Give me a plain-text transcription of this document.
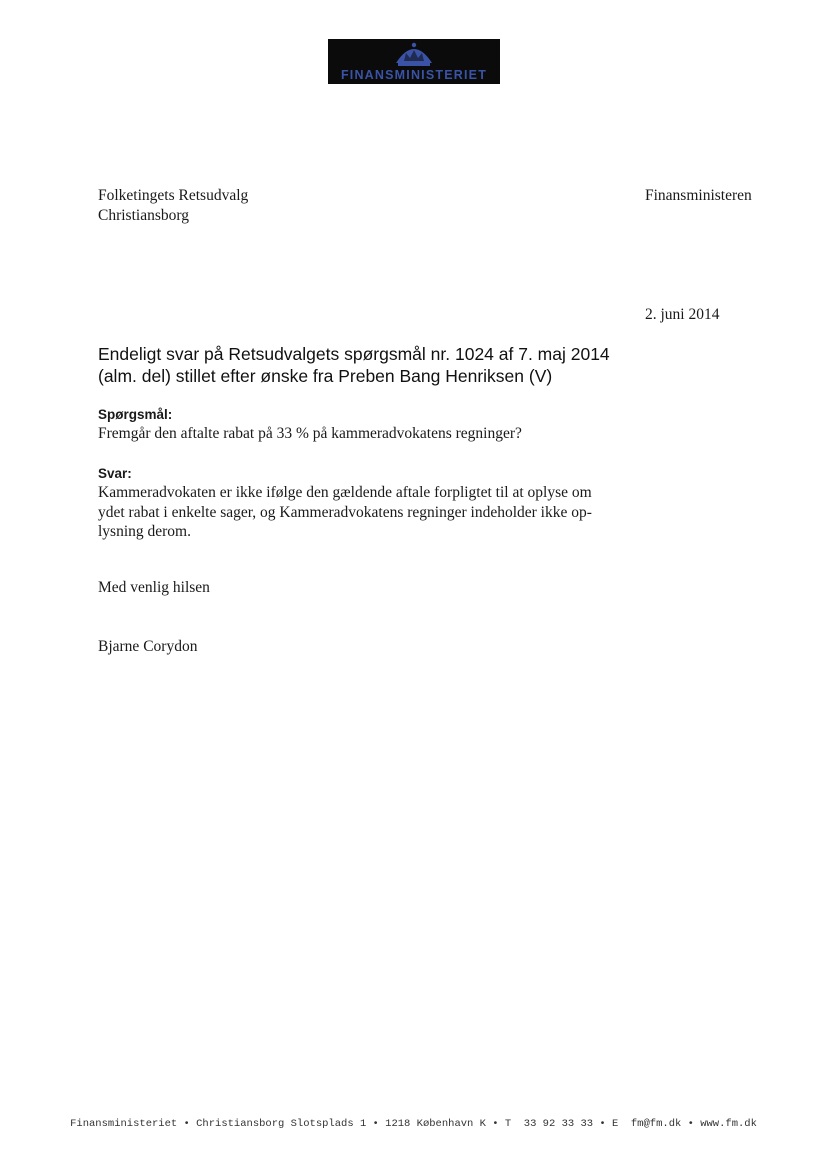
FINANSMINISTERIET
Folketingets Retsudvalg
Christiansborg
Finansministeren
2. juni 2014
Endeligt svar på Retsudvalgets spørgsmål nr. 1024 af 7. maj 2014
(alm. del) stillet efter ønske fra Preben Bang Henriksen (V)
Spørgsmål:
Fremgår den aftalte rabat på 33 % på kammeradvokatens regninger?
Svar:
Kammeradvokaten er ikke ifølge den gældende aftale forpligtet til at oplyse om
ydet rabat i enkelte sager, og Kammeradvokatens regninger indeholder ikke op-
lysning derom.
Med venlig hilsen
Bjarne Corydon
Finansministeriet • Christiansborg Slotsplads 1 • 1218 København K • T  33 92 33 33 • E  fm@fm.dk • www.fm.dk
